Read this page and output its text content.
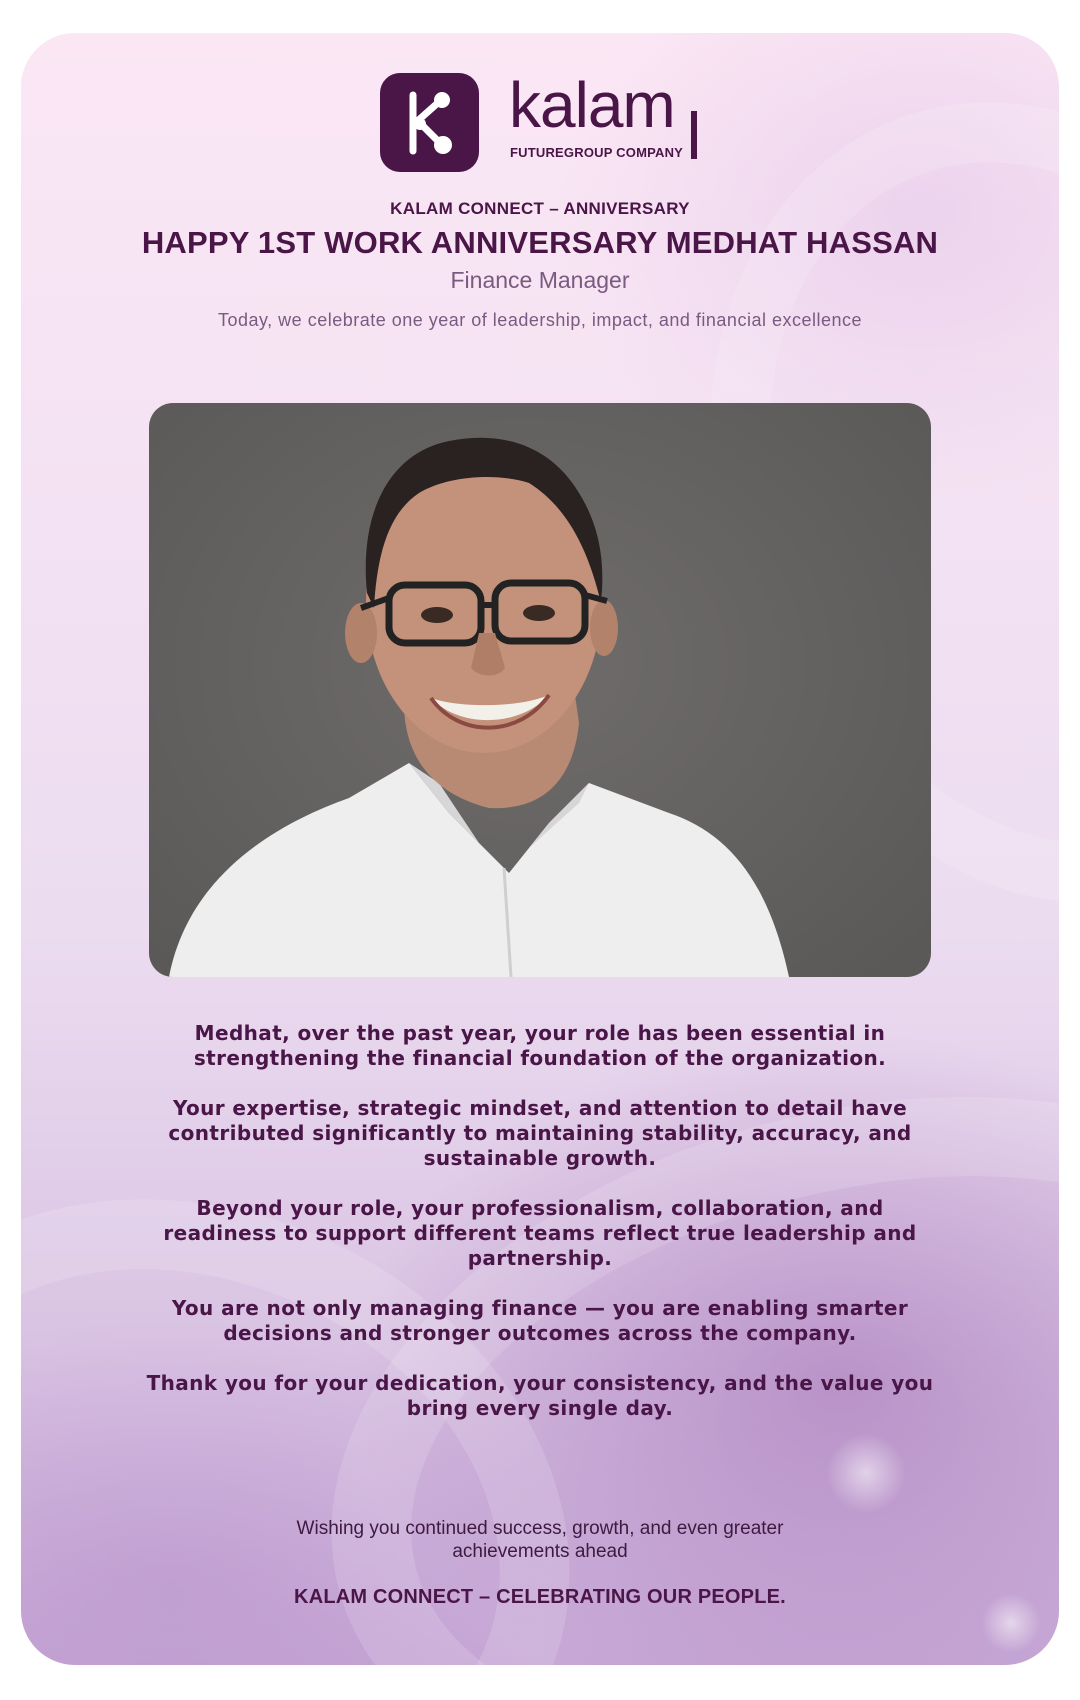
kalam
FUTUREGROUP COMPANY
KALAM CONNECT – ANNIVERSARY
HAPPY 1ST WORK ANNIVERSARY MEDHAT HASSAN
Finance Manager
Today, we celebrate one year of leadership, impact, and financial excellence

Medhat, over the past year, your role has been essential in strengthening the financial foundation of the organization.

Your expertise, strategic mindset, and attention to detail have contributed significantly to maintaining stability, accuracy, and sustainable growth.

Beyond your role, your professionalism, collaboration, and readiness to support different teams reflect true leadership and partnership.

You are not only managing finance — you are enabling smarter decisions and stronger outcomes across the company.

Thank you for your dedication, your consistency, and the value you bring every single day.

Wishing you continued success, growth, and even greater achievements ahead
KALAM CONNECT – CELEBRATING OUR PEOPLE.
